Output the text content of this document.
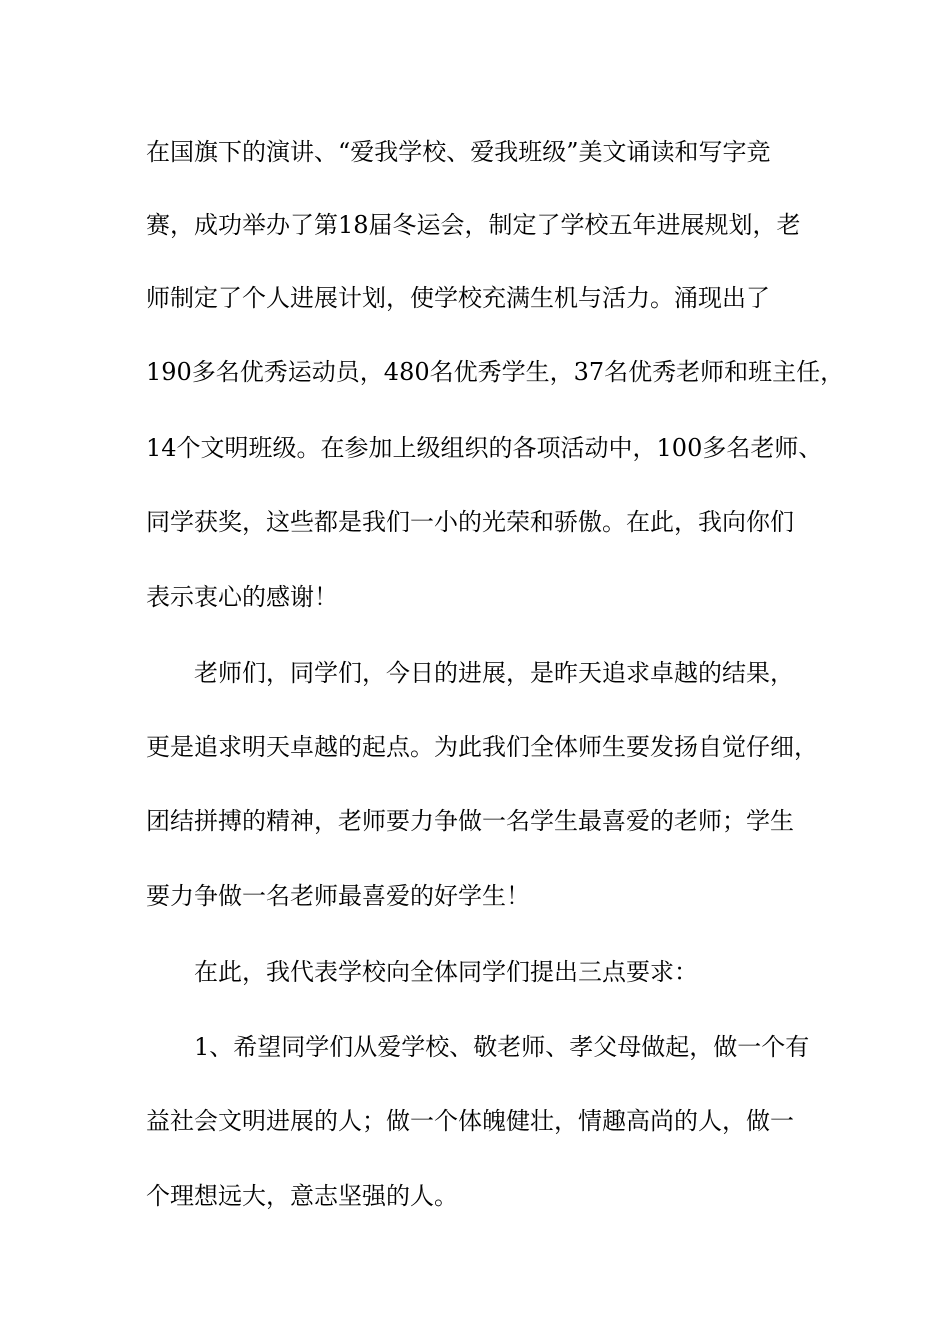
在国旗下的演讲、“爱我学校、爱我班级”美文诵读和写字竞
赛，成功举办了第18届冬运会，制定了学校五年进展规划，老
师制定了个人进展计划，使学校充满生机与活力。涌现出了
190多名优秀运动员，480名优秀学生，37名优秀老师和班主任，
14个文明班级。在参加上级组织的各项活动中，100多名老师、
同学获奖，这些都是我们一小的光荣和骄傲。在此，我向你们
表示衷心的感谢！
老师们，同学们，今日的进展，是昨天追求卓越的结果，
更是追求明天卓越的起点。为此我们全体师生要发扬自觉仔细，
团结拼搏的精神，老师要力争做一名学生最喜爱的老师；学生
要力争做一名老师最喜爱的好学生！
在此，我代表学校向全体同学们提出三点要求：
1、希望同学们从爱学校、敬老师、孝父母做起，做一个有
益社会文明进展的人；做一个体魄健壮，情趣高尚的人，做一
个理想远大，意志坚强的人。
